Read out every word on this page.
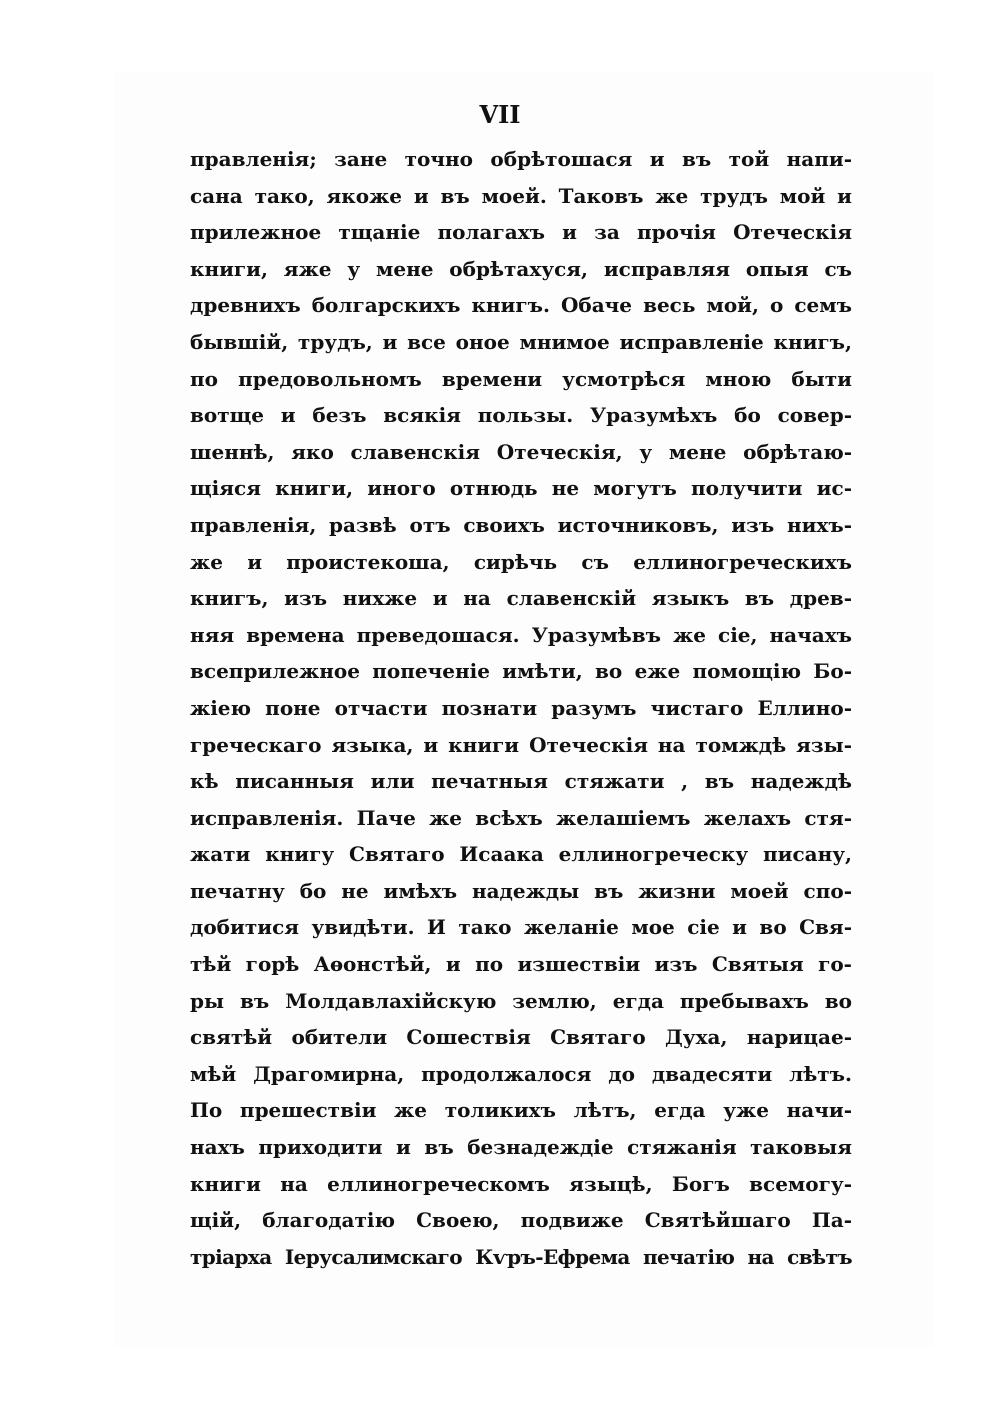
VII
правленія; зане точно обрѣтошася и въ той напи-
сана тако, якоже и въ моей. Таковъ же трудъ мой и
прилежное тщаніе полагахъ и за прочія Отеческія
книги, яже у мене обрѣтахуся, исправляя опыя съ
древнихъ болгарскихъ книгъ. Обаче весь мой, о семъ
бывшій, трудъ, и все оное мнимое исправленіе книгъ,
по предовольномъ времени усмотрѣся мною быти
вотще и безъ всякія пользы. Уразумѣхъ бо совер-
шеннѣ, яко славенскія Отеческія, у мене обрѣтаю-
щіяся книги, иного отнюдь не могутъ получити ис-
правленія, развѣ отъ своихъ источниковъ, изъ нихъ-
же и проистекоша, сирѣчь съ еллиногреческихъ
книгъ, изъ нихже и на славенскій языкъ въ древ-
няя времена преведошася. Уразумѣвъ же сіе, начахъ
всеприлежное попеченіе имѣти, во еже помощію Бо-
жіею поне отчасти познати разумъ чистаго Еллино-
греческаго языка, и книги Отеческія на томждѣ язы-
кѣ писанныя или печатныя стяжати , въ надеждѣ
исправленія. Паче же всѣхъ желашіемъ желахъ стя-
жати книгу Святаго Исаака еллиногреческу писану,
печатну бо не имѣхъ надежды въ жизни моей спо-
добитися увидѣти. И тако желаніе мое сіе и во Свя-
тѣй горѣ Аѳонстѣй, и по изшествіи изъ Святыя го-
ры въ Молдавлахійскую землю, егда пребывахъ во
святѣй обители Сошествія Святаго Духа, нарицае-
мѣй Драгомирна, продолжалося до двадесяти лѣтъ.
По прешествіи же толикихъ лѣтъ, егда уже начи-
нахъ приходити и въ безнадеждіе стяжанія таковыя
книги на еллиногреческомъ языцѣ, Богъ всемогу-
щій, благодатію Своею, подвиже Святѣйшаго Па-
тріарха Іерусалимскаго Кѵръ-Ефрема печатію на свѣтъ
